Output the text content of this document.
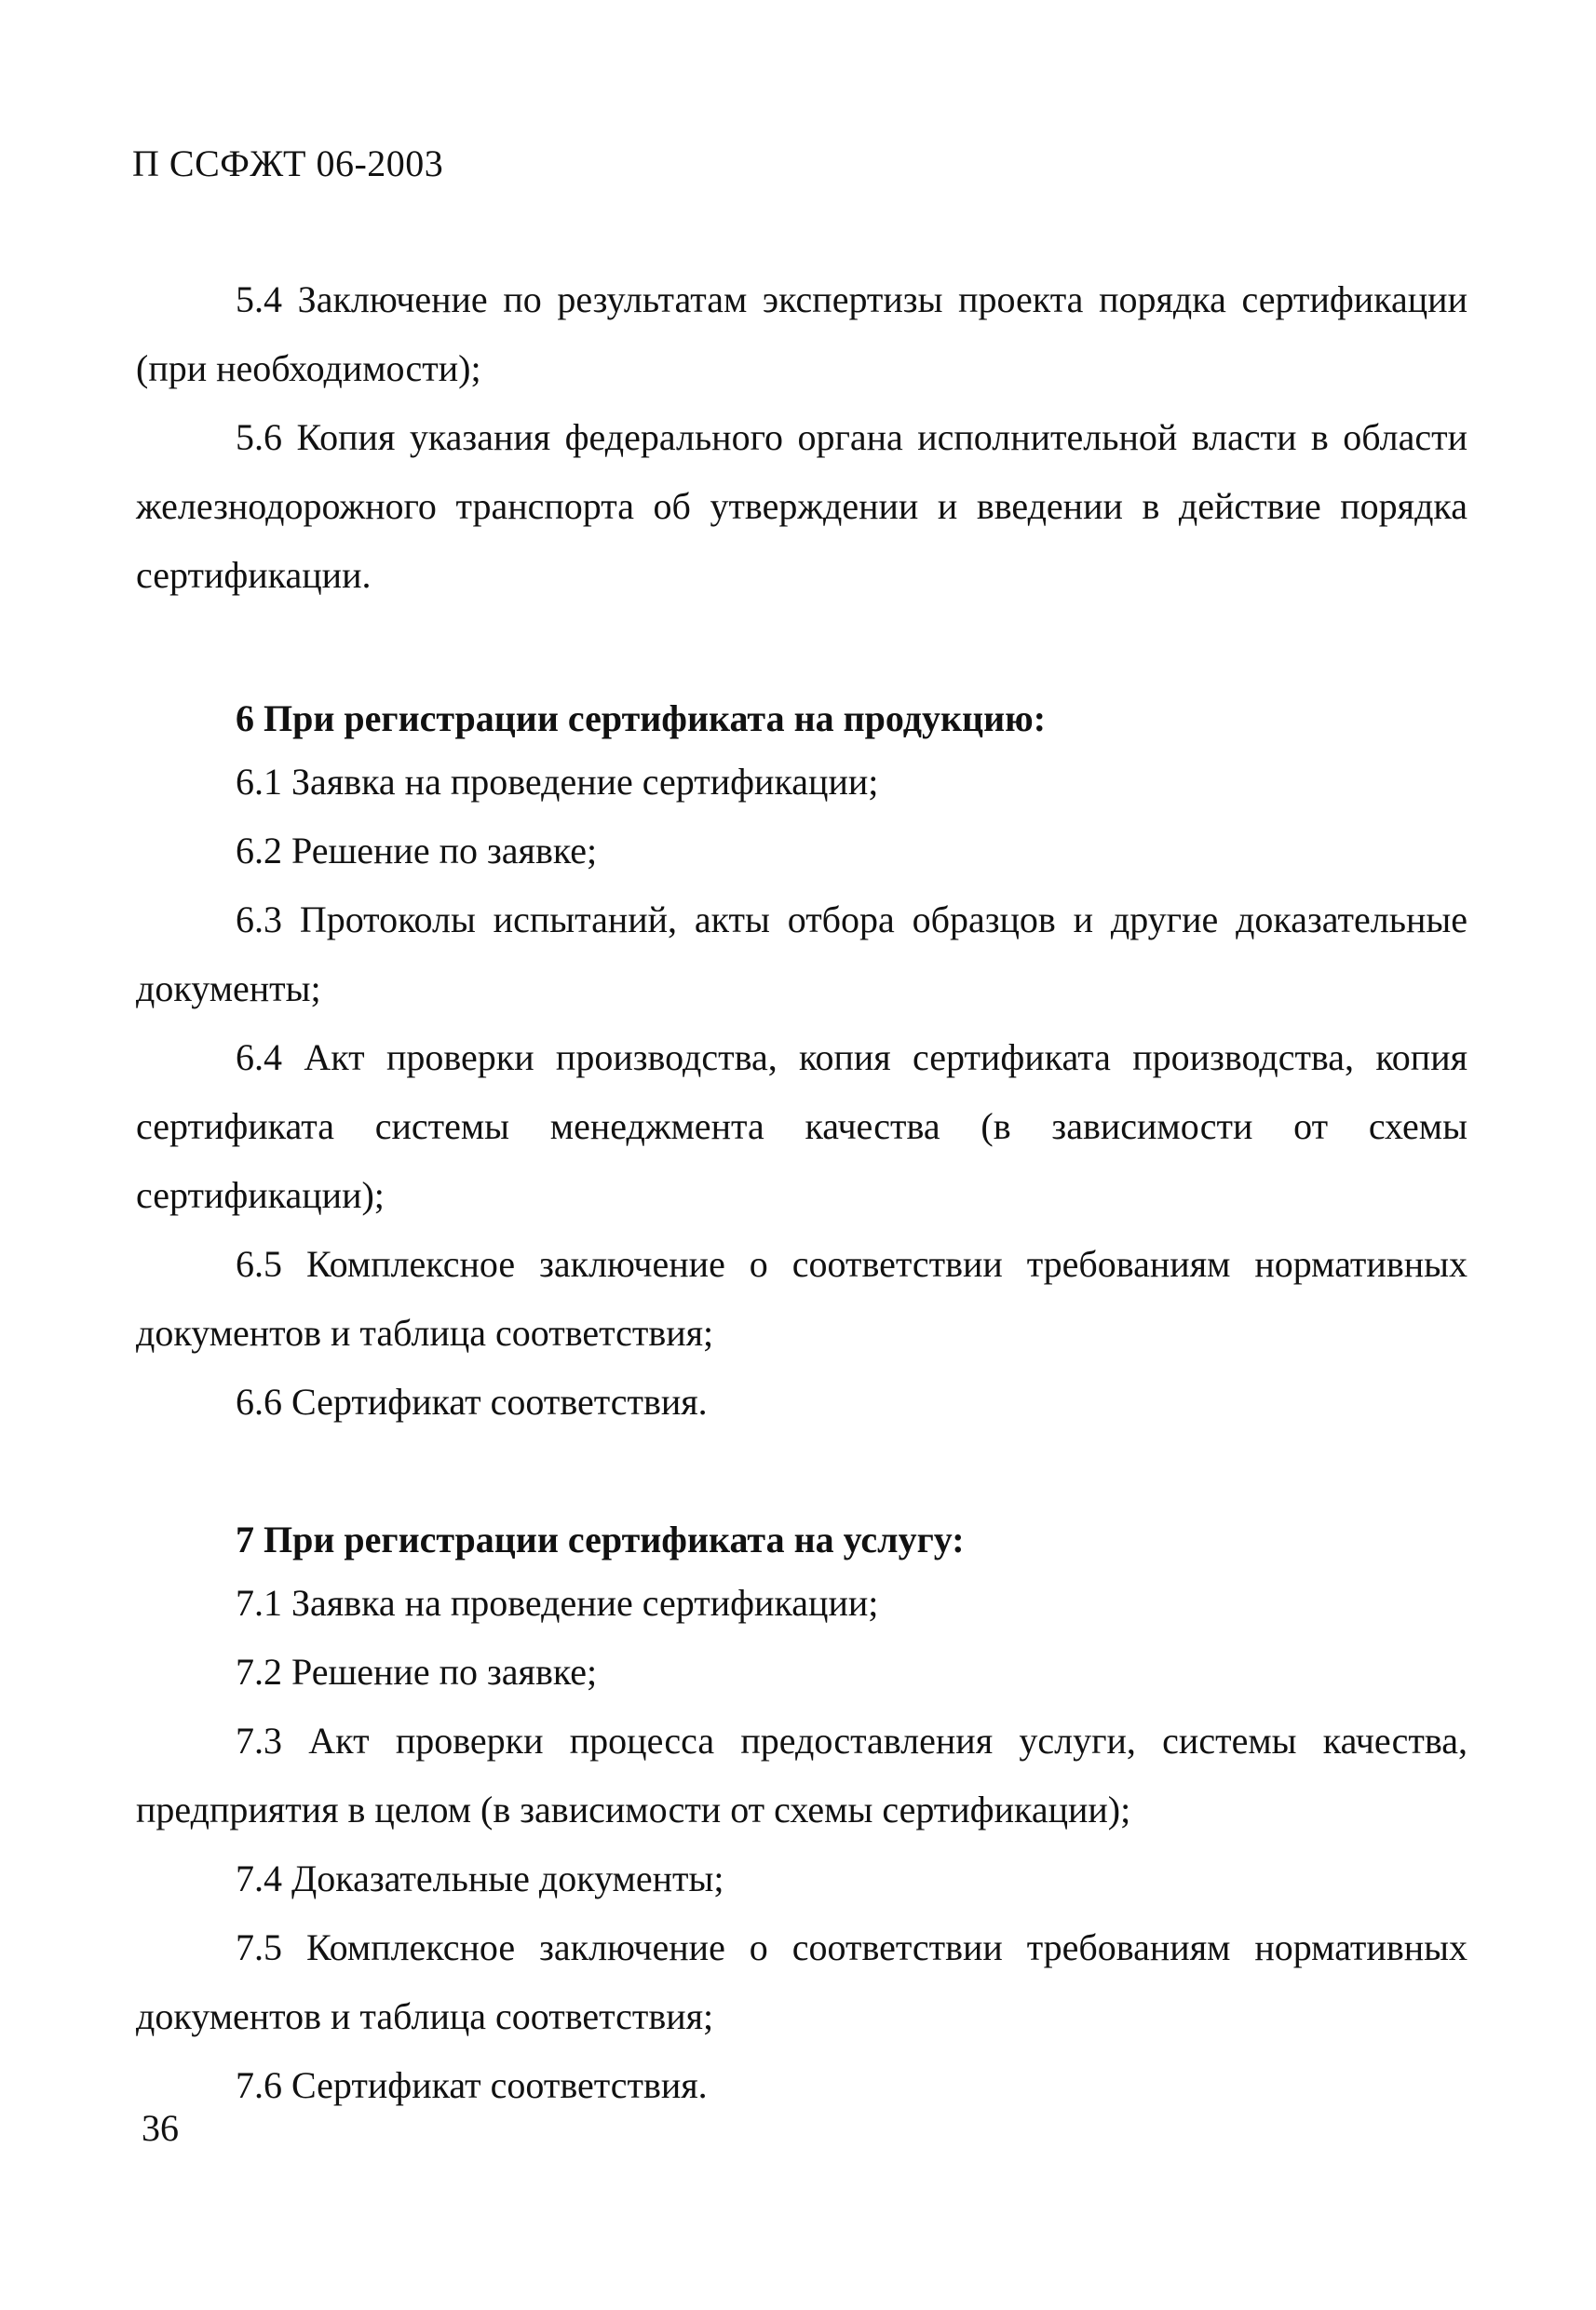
П ССФЖТ 06-2003

5.4 Заключение по результатам экспертизы проекта порядка сертификации (при необходимости);

5.6 Копия указания федерального органа исполнительной власти в области железнодорожного транспорта об утверждении и введении в действие порядка сертификации.

6 При регистрации сертификата на продукцию:

6.1 Заявка на проведение сертификации;

6.2 Решение по заявке;

6.3 Протоколы испытаний, акты отбора образцов и другие доказательные документы;

6.4 Акт проверки производства, копия сертификата производства, копия сертификата системы менеджмента качества (в зависимости от схемы сертификации);

6.5 Комплексное заключение о соответствии требованиям нормативных документов и таблица соответствия;

6.6 Сертификат соответствия.

7 При регистрации сертификата на услугу:

7.1 Заявка на проведение сертификации;

7.2 Решение по заявке;

7.3 Акт проверки процесса предоставления услуги, системы качества, предприятия в целом (в зависимости от схемы сертификации);

7.4 Доказательные документы;

7.5 Комплексное заключение о соответствии требованиям нормативных документов и таблица соответствия;

7.6 Сертификат соответствия.

36
